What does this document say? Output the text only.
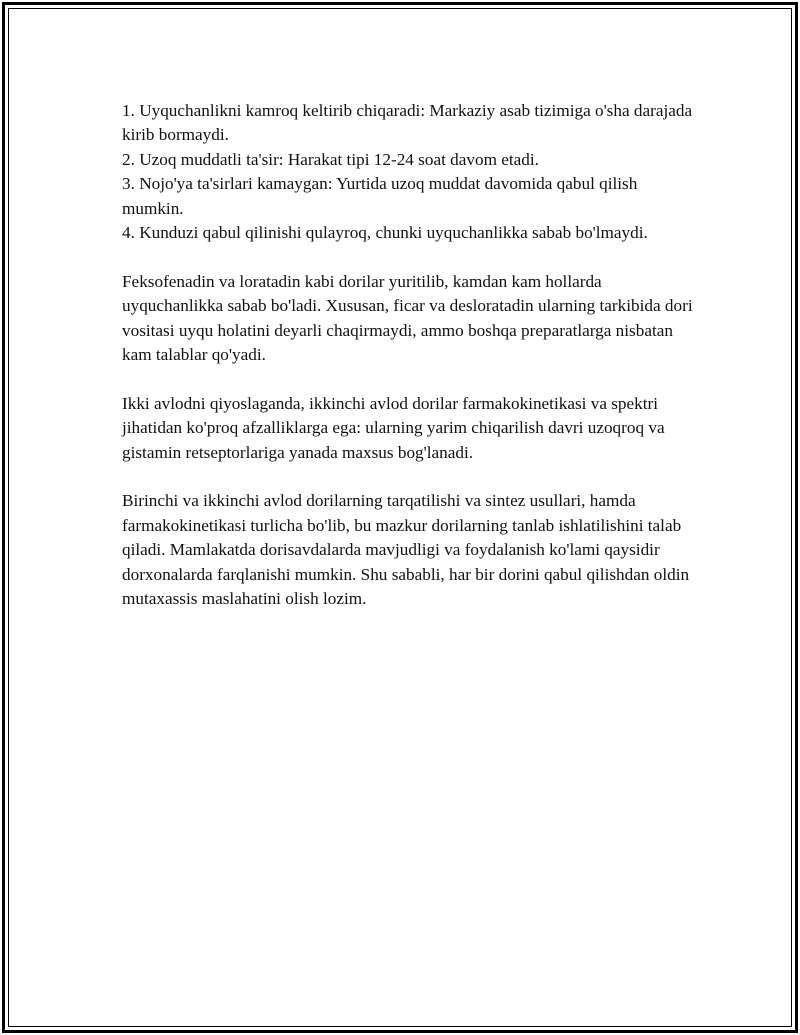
1. Uyquchanlikni kamroq keltirib chiqaradi: Markaziy asab tizimiga o'sha darajada kirib bormaydi.

2. Uzoq muddatli ta'sir: Harakat tipi 12-24 soat davom etadi.

3. Nojo'ya ta'sirlari kamaygan: Yurtida uzoq muddat davomida qabul qilish mumkin.

4. Kunduzi qabul qilinishi qulayroq, chunki uyquchanlikka sabab bo'lmaydi.

Feksofenadin va loratadin kabi dorilar yuritilib, kamdan kam hollarda uyquchanlikka sabab bo'ladi. Xususan, ficar va desloratadin ularning tarkibida dori vositasi uyqu holatini deyarli chaqirmaydi, ammo boshqa preparatlarga nisbatan kam talablar qo'yadi.

Ikki avlodni qiyoslaganda, ikkinchi avlod dorilar farmakokinetikasi va spektri jihatidan ko'proq afzalliklarga ega: ularning yarim chiqarilish davri uzoqroq va gistamin retseptorlariga yanada maxsus bog'lanadi.

Birinchi va ikkinchi avlod dorilarning tarqatilishi va sintez usullari, hamda farmakokinetikasi turlicha bo'lib, bu mazkur dorilarning tanlab ishlatilishini talab qiladi. Mamlakatda dorisavdalarda mavjudligi va foydalanish ko'lami qaysidir dorxonalarda farqlanishi mumkin. Shu sababli, har bir dorini qabul qilishdan oldin mutaxassis maslahatini olish lozim.
